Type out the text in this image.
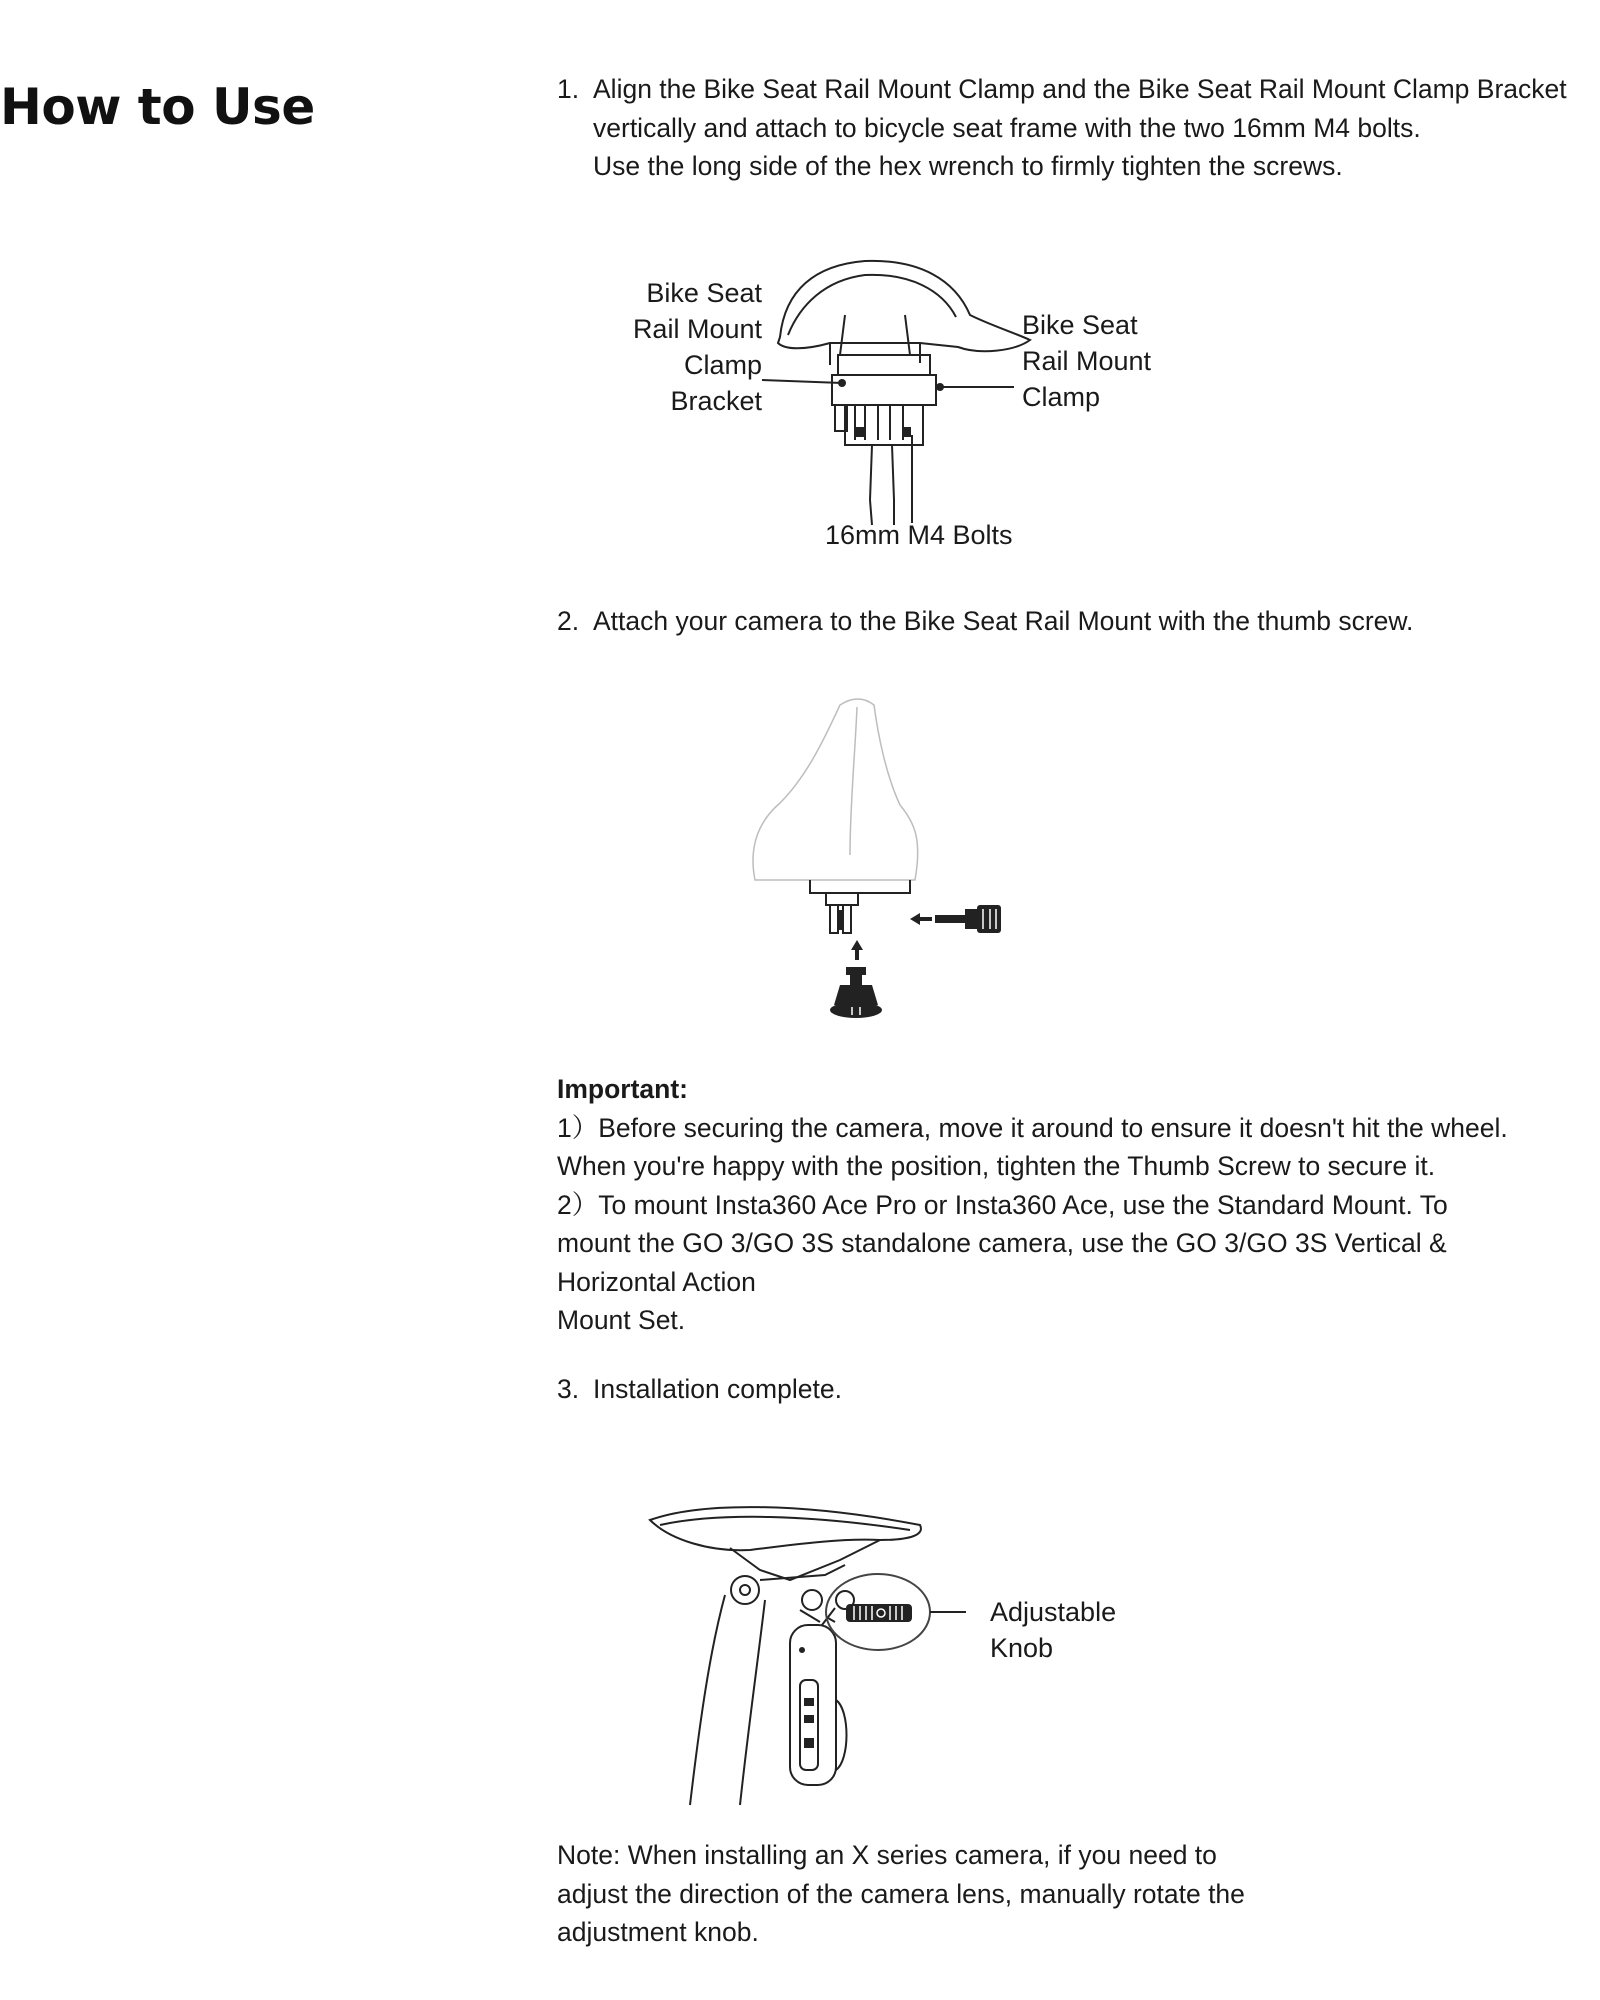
How to Use	1. Align the Bike Seat Rail Mount Clamp and the Bike Seat Rail Mount Clamp Bracket
vertically and attach to bicycle seat frame with the two 16mm M4 bolts.
Use the long side of the hex wrench to firmly tighten the screws.
Bike Seat
Rail Mount
Clamp
Bracket
Bike Seat
Rail Mount
Clamp
16mm M4 Bolts
2. Attach your camera to the Bike Seat Rail Mount with the thumb screw.
Important:
1）Before securing the camera, move it around to ensure it doesn't hit the wheel.
When you're happy with the position, tighten the Thumb Screw to secure it.
2）To mount Insta360 Ace Pro or Insta360 Ace, use the Standard Mount. To
mount the GO 3/GO 3S standalone camera, use the GO 3/GO 3S Vertical &
Horizontal Action
Mount Set.
3. Installation complete.
Adjustable
Knob
Note: When installing an X series camera, if you need to
adjust the direction of the camera lens, manually rotate the
adjustment knob.
